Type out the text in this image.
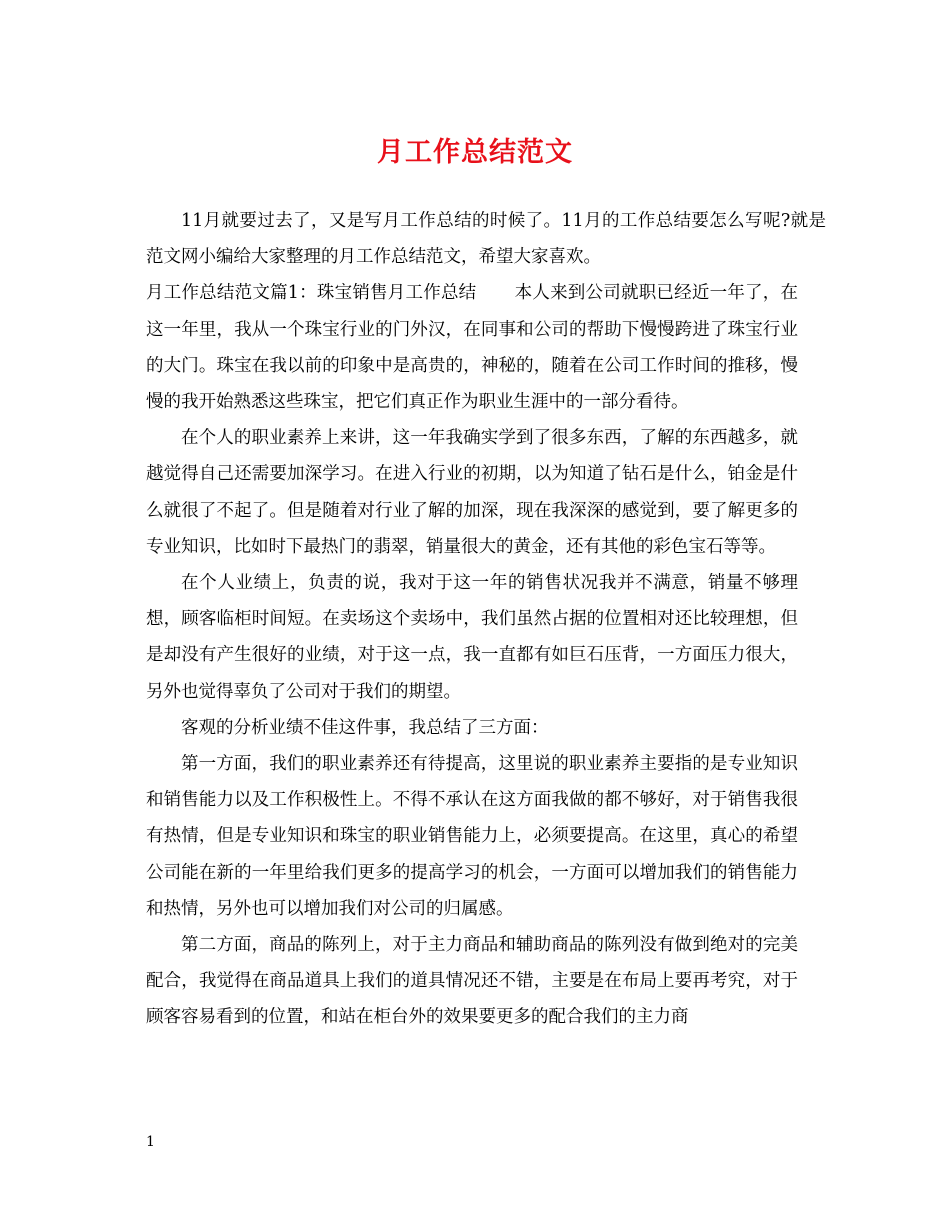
月工作总结范文

11月就要过去了，又是写月工作总结的时候了。11月的工作总结要怎么写呢?就是范文网小编给大家整理的月工作总结范文，希望大家喜欢。

月工作总结范文篇1：珠宝销售月工作总结 本人来到公司就职已经近一年了，在这一年里，我从一个珠宝行业的门外汉，在同事和公司的帮助下慢慢跨进了珠宝行业的大门。珠宝在我以前的印象中是高贵的，神秘的，随着在公司工作时间的推移，慢慢的我开始熟悉这些珠宝，把它们真正作为职业生涯中的一部分看待。

在个人的职业素养上来讲，这一年我确实学到了很多东西，了解的东西越多，就越觉得自己还需要加深学习。在进入行业的初期，以为知道了钻石是什么，铂金是什么就很了不起了。但是随着对行业了解的加深，现在我深深的感觉到，要了解更多的专业知识，比如时下最热门的翡翠，销量很大的黄金，还有其他的彩色宝石等等。

在个人业绩上，负责的说，我对于这一年的销售状况我并不满意，销量不够理想，顾客临柜时间短。在卖场这个卖场中，我们虽然占据的位置相对还比较理想，但是却没有产生很好的业绩，对于这一点，我一直都有如巨石压背，一方面压力很大，另外也觉得辜负了公司对于我们的期望。

客观的分析业绩不佳这件事，我总结了三方面：

第一方面，我们的职业素养还有待提高，这里说的职业素养主要指的是专业知识和销售能力以及工作积极性上。不得不承认在这方面我做的都不够好，对于销售我很有热情，但是专业知识和珠宝的职业销售能力上，必须要提高。在这里，真心的希望公司能在新的一年里给我们更多的提高学习的机会，一方面可以增加我们的销售能力和热情，另外也可以增加我们对公司的归属感。

第二方面，商品的陈列上，对于主力商品和辅助商品的陈列没有做到绝对的完美配合，我觉得在商品道具上我们的道具情况还不错，主要是在布局上要再考究，对于顾客容易看到的位置，和站在柜台外的效果要更多的配合我们的主力商

1
